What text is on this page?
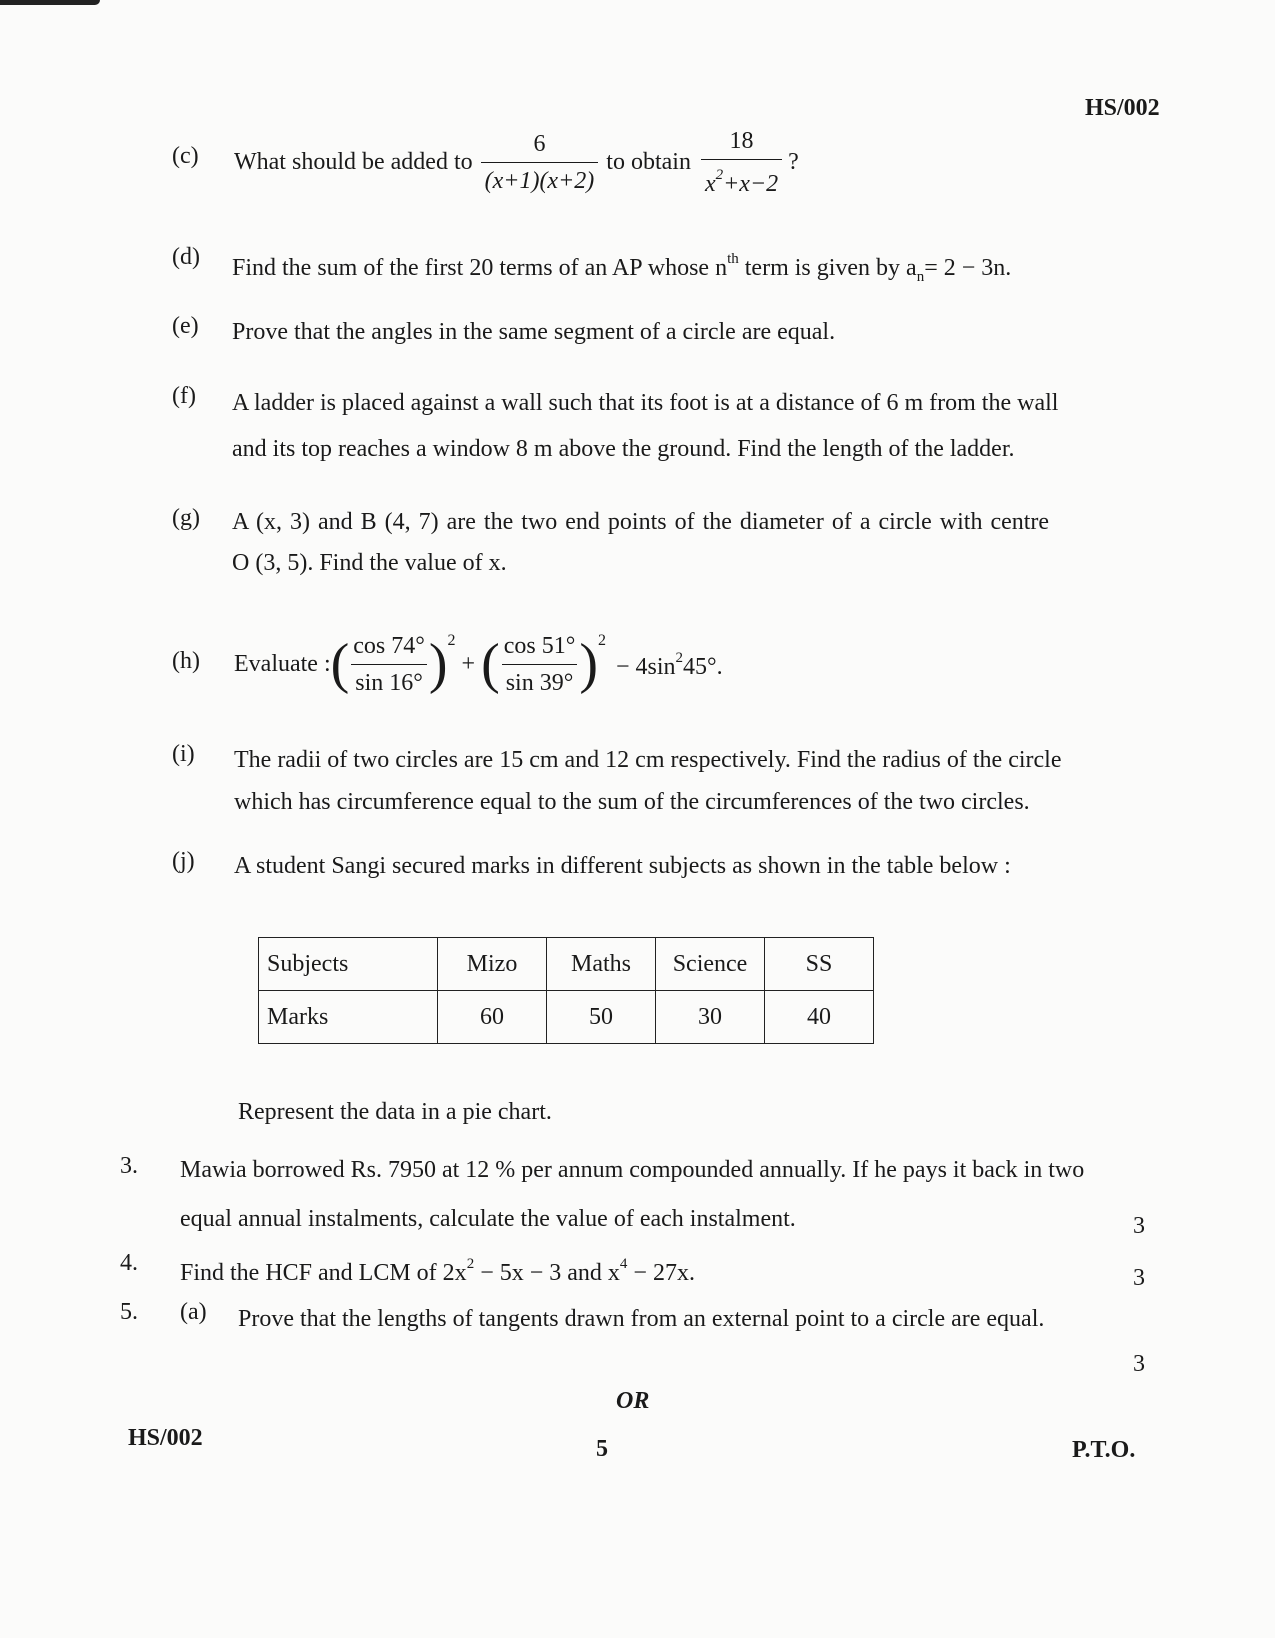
HS/002
(c) What should be added to $\frac{6}{(x+1)(x+2)}$ to obtain $\frac{18}{x^2+x-2}$ ?
(d) Find the sum of the first 20 terms of an AP whose $n^{th}$ term is given by $a_n= 2 - 3n$.
(e) Prove that the angles in the same segment of a circle are equal.
(f) A ladder is placed against a wall such that its foot is at a distance of 6 m from the wall
and its top reaches a window 8 m above the ground. Find the length of the ladder.
(g) A (x, 3) and B (4, 7) are the two end points of the diameter of a circle with centre
O (3, 5). Find the value of x.
(h) Evaluate : ( $\frac{\cos 74^\circ}{\sin 16^\circ}$ ) 2
+ ( $\frac{\cos 51^\circ}{\sin 39^\circ}$ ) 2
− $4\sin^245^\circ$.
(i) The radii of two circles are 15 cm and 12 cm respectively. Find the radius of the circle
which has circumference equal to the sum of the circumferences of the two circles.
(j) A student Sangi secured marks in different subjects as shown in the table below :
Subjects	Mizo	Maths	Science	SS
Marks	60	50	30	40
Represent the data in a pie chart.
3. Mawia borrowed Rs. 7950 at 12 % per annum compounded annually. If he pays it back in two
equal annual instalments, calculate the value of each instalment.	3
4. Find the HCF and LCM of $2x^2 - 5x - 3$ and $x^4 - 27x$.	3
5. (a) Prove that the lengths of tangents drawn from an external point to a circle are equal.
3
OR
HS/002	5	P.T.O.
